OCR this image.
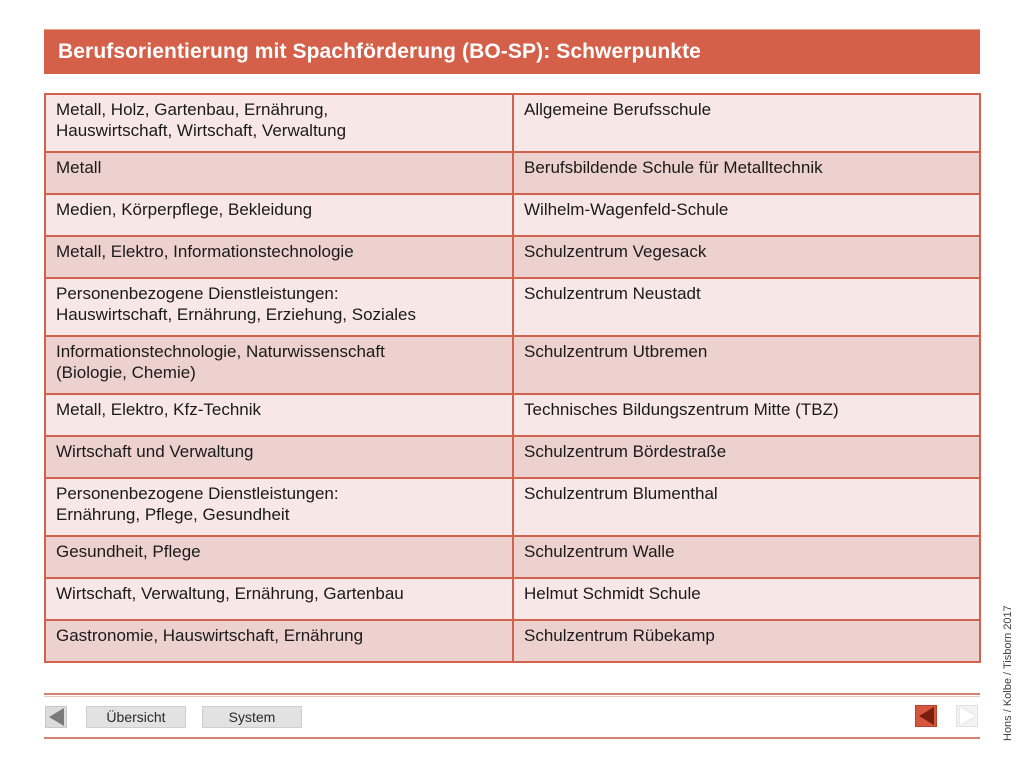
Berufsorientierung mit Spachförderung (BO-SP): Schwerpunkte
Metall, Holz, Gartenbau, Ernährung,
Hauswirtschaft, Wirtschaft, Verwaltung	Allgemeine Berufsschule

Metall	Berufsbildende Schule für Metalltechnik

Medien, Körperpflege, Bekleidung	Wilhelm-Wagenfeld-Schule

Metall, Elektro, Informationstechnologie	Schulzentrum Vegesack

Personenbezogene Dienstleistungen:
Hauswirtschaft, Ernährung, Erziehung, Soziales	Schulzentrum Neustadt

Informationstechnologie, Naturwissenschaft
(Biologie, Chemie)	Schulzentrum Utbremen

Metall, Elektro, Kfz-Technik	Technisches Bildungszentrum Mitte (TBZ)

Wirtschaft und Verwaltung	Schulzentrum Bördestraße

Personenbezogene Dienstleistungen:
Ernährung, Pflege, Gesundheit	Schulzentrum Blumenthal

Gesundheit, Pflege	Schulzentrum Walle

Wirtschaft, Verwaltung, Ernährung, Gartenbau	Helmut Schmidt Schule

Gastronomie, Hauswirtschaft, Ernährung	Schulzentrum Rübekamp
Übersicht	System	Hons / Kolbe / Tisborn 2017
